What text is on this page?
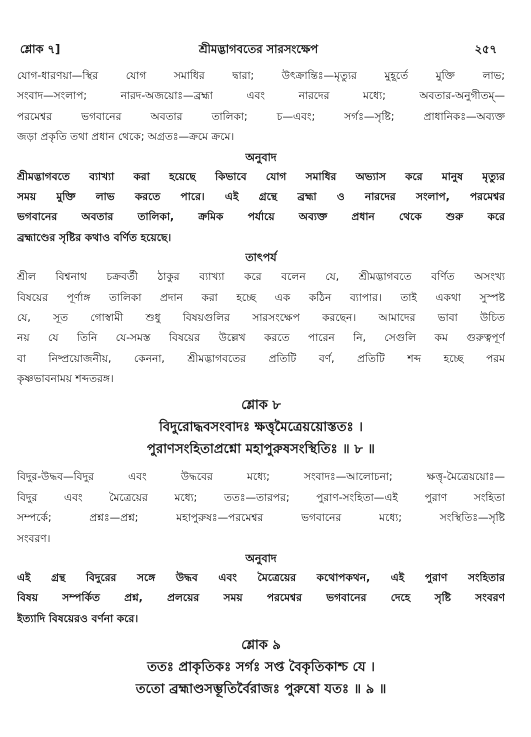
শ্লোক ৭]	শ্রীমদ্ভাগবতের সারসংক্ষেপ	২৫৭
যোগ-ধারণয়া—স্থির যোগ সমাধির দ্বারা; উৎক্রান্তিঃ—মৃত্যুর মুহূর্তে মুক্তি লাভ;
সংবাদ—সংলাপ; নারদ-অজয়োঃ—ব্রহ্মা এবং নারদের মধ্যে; অবতার-অনুগীতম্—
পরমেশ্বর ভগবানের অবতার তালিকা; চ—এবং; সর্গঃ—সৃষ্টি; প্রাধানিকঃ—অব্যক্ত
জড়া প্রকৃতি তথা প্রধান থেকে; অগ্রতঃ—ক্রমে ক্রমে।
অনুবাদ
শ্রীমদ্ভাগবতে ব্যাখ্যা করা হয়েছে কিভাবে যোগ সমাধির অভ্যাস করে মানুষ মৃত্যুর
সময় মুক্তি লাভ করতে পারে। এই গ্রন্থে ব্রহ্মা ও নারদের সংলাপ, পরমেশ্বর
ভগবানের অবতার তালিকা, ক্রমিক পর্যায়ে অব্যক্ত প্রধান থেকে শুরু করে
ব্রহ্মাণ্ডের সৃষ্টির কথাও বর্ণিত হয়েছে।
তাৎপর্য
শ্রীল বিশ্বনাথ চক্রবর্তী ঠাকুর ব্যাখ্যা করে বলেন যে, শ্রীমদ্ভাগবতে বর্ণিত অসংখ্য
বিষয়ের পূর্ণাঙ্গ তালিকা প্রদান করা হচ্ছে এক কঠিন ব্যাপার। তাই একথা সুস্পষ্ট
যে, সূত গোস্বামী শুধু বিষয়গুলির সারসংক্ষেপ করছেন। আমাদের ভাবা উচিত
নয় যে তিনি যে-সমস্ত বিষয়ের উল্লেখ করতে পারেন নি, সেগুলি কম গুরুত্বপূর্ণ
বা নিষ্প্রয়োজনীয়, কেননা, শ্রীমদ্ভাগবতের প্রতিটি বর্ণ, প্রতিটি শব্দ হচ্ছে পরম
কৃষ্ণভাবনাময় শব্দতরঙ্গ।
শ্লোক ৮
বিদুরোদ্ধবসংবাদঃ ক্ষত্তৃমৈত্রেয়য়োস্ততঃ ।
পুরাণসংহিতাপ্রশ্নো মহাপুরুষসংস্থিতিঃ ॥ ৮ ॥
বিদুর-উদ্ধব—বিদুর এবং উদ্ধবের মধ্যে; সংবাদঃ—আলোচনা; ক্ষত্তৃ-মৈত্রেয়য়োঃ—
বিদুর এবং মৈত্রেয়ের মধ্যে; ততঃ—তারপর; পুরাণ-সংহিতা—এই পুরাণ সংহিতা
সম্পর্কে; প্রশ্নঃ—প্রশ্ন; মহাপুরুষঃ—পরমেশ্বর ভগবানের মধ্যে; সংস্থিতিঃ—সৃষ্টি
সংবরণ।
অনুবাদ
এই গ্রন্থ বিদুরের সঙ্গে উদ্ধব এবং মৈত্রেয়ের কথোপকথন, এই পুরাণ সংহিতার
বিষয় সম্পর্কিত প্রশ্ন, প্রলয়ের সময় পরমেশ্বর ভগবানের দেহে সৃষ্টি সংবরণ
ইত্যাদি বিষয়েরও বর্ণনা করে।
শ্লোক ৯
ততঃ প্রাকৃতিকঃ সর্গঃ সপ্ত বৈকৃতিকাশ্চ যে ।
ততো ব্রহ্মাণ্ডসম্ভূতির্বৈরাজঃ পুরুষো যতঃ ॥ ৯ ॥
